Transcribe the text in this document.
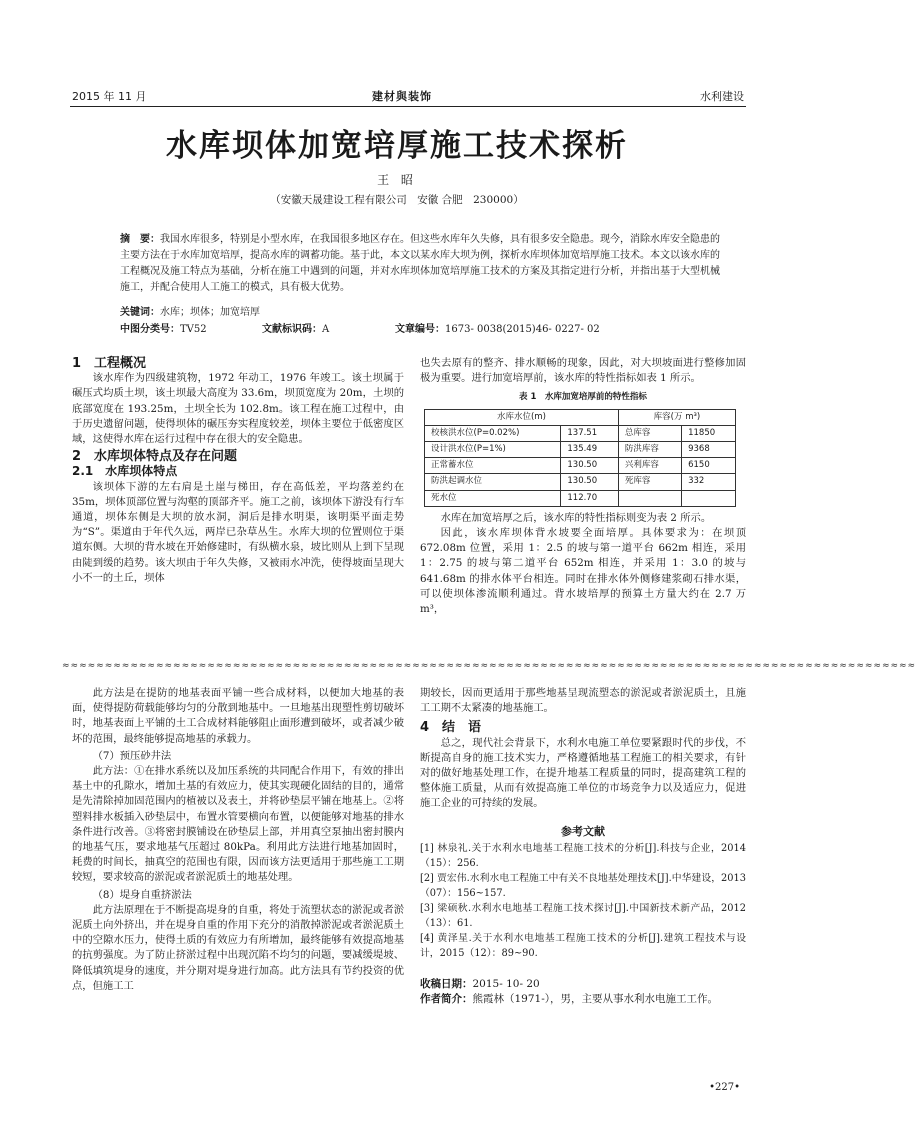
2015 年 11 月	建材與装饰	水利建设
水库坝体加宽培厚施工技术探析
王 昭
（安徽天晟建设工程有限公司　安徽 合肥　230000）
摘　要：我国水库很多，特别是小型水库，在我国很多地区存在。但这些水库年久失修，具有很多安全隐患。现今，消除水库安全隐患的主要方法在于水库加宽培厚，提高水库的调蓄功能。基于此，本文以某水库大坝为例，探析水库坝体加宽培厚施工技术。本文以该水库的工程概况及施工特点为基础，分析在施工中遇到的问题，并对水库坝体加宽培厚施工技术的方案及其指定进行分析，并指出基于大型机械施工，并配合使用人工施工的模式，具有极大优势。
关键词：水库；坝体；加宽培厚
中图分类号：TV52	文献标识码：A	文章编号：1673- 0038(2015)46- 0227- 02
1　工程概况

该水库作为四级建筑物，1972 年动工，1976 年竣工。该土坝属于碾压式均质土坝，该土坝最大高度为 33.6m，坝顶宽度为 20m，土坝的底部宽度在 193.25m，土坝全长为 102.8m。该工程在施工过程中，由于历史遗留问题，使得坝体的碾压夯实程度较差，坝体主要位于低密度区域，这使得水库在运行过程中存在很大的安全隐患。

2　水库坝体特点及存在问题
2.1　水库坝体特点

该坝体下游的左右肩是土崖与梯田，存在高低差，平均落差约在 35m，坝体顶部位置与沟壑的顶部齐平。施工之前，该坝体下游没有行车通道，坝体东侧是大坝的放水洞，洞后是排水明渠，该明渠平面走势为“S”。渠道由于年代久远，两岸已杂草丛生。水库大坝的位置则位于渠道东侧。大坝的背水坡在开始修建时，有纵横水泉，坡比则从上到下呈现由陡到缓的趋势。该大坝由于年久失修，又被雨水冲洗，使得坡面呈现大小不一的土丘，坝体

也失去原有的整齐、排水顺畅的现象，因此，对大坝坡面进行整修加固极为重要。进行加宽培厚前，该水库的特性指标如表 1 所示。

表 1　水库加宽培厚前的特性指标
水库水位(m)		库容(万 m³)	
校核洪水位(P=0.02%)	137.51	总库容	11850
设计洪水位(P=1%)	135.49	防洪库容	9368
正常蓄水位	130.50	兴利库容	6150
防洪起调水位	130.50	死库容	332
死水位	112.70		

水库在加宽培厚之后，该水库的特性指标则变为表 2 所示。

因此，该水库坝体背水坡要全面培厚。具体要求为：在坝顶 672.08m 位置，采用 1：2.5 的坡与第一道平台 662m 相连，采用 1：2.75 的坡与第二道平台 652m 相连，并采用 1：3.0 的坡与 641.68m 的排水体平台相连。同时在排水体外侧修建浆砌石排水渠，可以使坝体渗流顺利通过。背水坡培厚的预算土方量大约在 2.7 万 m³，

≈≈≈≈≈≈≈≈≈≈≈≈≈≈≈≈≈≈≈≈≈≈≈≈≈≈≈≈≈≈≈≈≈≈≈≈≈≈≈≈≈≈≈≈≈≈≈≈≈≈≈≈≈≈≈≈≈≈≈≈≈≈≈≈≈≈≈≈≈≈≈≈≈≈≈≈≈≈≈≈≈≈≈≈≈≈≈≈≈≈≈≈≈≈≈≈≈≈≈≈

此方法是在提防的地基表面平铺一些合成材料，以便加大地基的表面，使得提防荷载能够均匀的分散到地基中。一旦地基出现塑性剪切破坏时，地基表面上平铺的土工合成材料能够阻止面形遭到破坏，或者减少破坏的范围，最终能够提高地基的承载力。

（7）预压砂井法

此方法：①在排水系统以及加压系统的共同配合作用下，有效的排出基土中的孔隙水，增加土基的有效应力，使其实现硬化固结的目的，通常是先清除掉加固范围内的植被以及表土，并将砂垫层平铺在地基上。②将塑料排水板插入砂垫层中，布置水管要横向布置，以便能够对地基的排水条件进行改善。③将密封膜铺设在砂垫层上部，并用真空泵抽出密封膜内的地基气压，要求地基气压超过 80kPa。利用此方法进行地基加固时，耗费的时间长，抽真空的范围也有限，因而该方法更适用于那些施工工期较短，要求较高的淤泥或者淤泥质土的地基处理。

（8）堤身自重挤淤法

此方法原理在于不断提高堤身的自重，将处于流塑状态的淤泥或者淤泥质土向外挤出，并在堤身自重的作用下充分的消散掉淤泥或者淤泥质土中的空隙水压力，使得土质的有效应力有所增加，最终能够有效提高地基的抗剪强度。为了防止挤淤过程中出现沉陷不均匀的问题，要减缓堤坡、降低填筑堤身的速度，并分期对堤身进行加高。此方法具有节约投资的优点，但施工工

期较长，因而更适用于那些地基呈现流塑态的淤泥或者淤泥质土，且施工工期不太紧凑的地基施工。

4　结　语

总之，现代社会背景下，水利水电施工单位要紧跟时代的步伐，不断提高自身的施工技术实力，严格遵循地基工程施工的相关要求，有针对的做好地基处理工作，在提升地基工程质量的同时，提高建筑工程的整体施工质量，从而有效提高施工单位的市场竞争力以及适应力，促进施工企业的可持续的发展。

参考文献
[1] 林泉礼.关于水利水电地基工程施工技术的分析[J].科技与企业，2014（15）：256.
[2] 贾宏伟.水利水电工程施工中有关不良地基处理技术[J].中华建设，2013（07）：156~157.
[3] 梁硕秋.水利水电地基工程施工技术探讨[J].中国新技术新产品，2012（13）：61.
[4] 黄泽星.关于水利水电地基工程施工技术的分析[J].建筑工程技术与设计，2015（12）：89~90.
收稿日期：2015- 10- 20
作者简介：熊霞林（1971-），男，主要从事水利水电施工工作。
•227•
